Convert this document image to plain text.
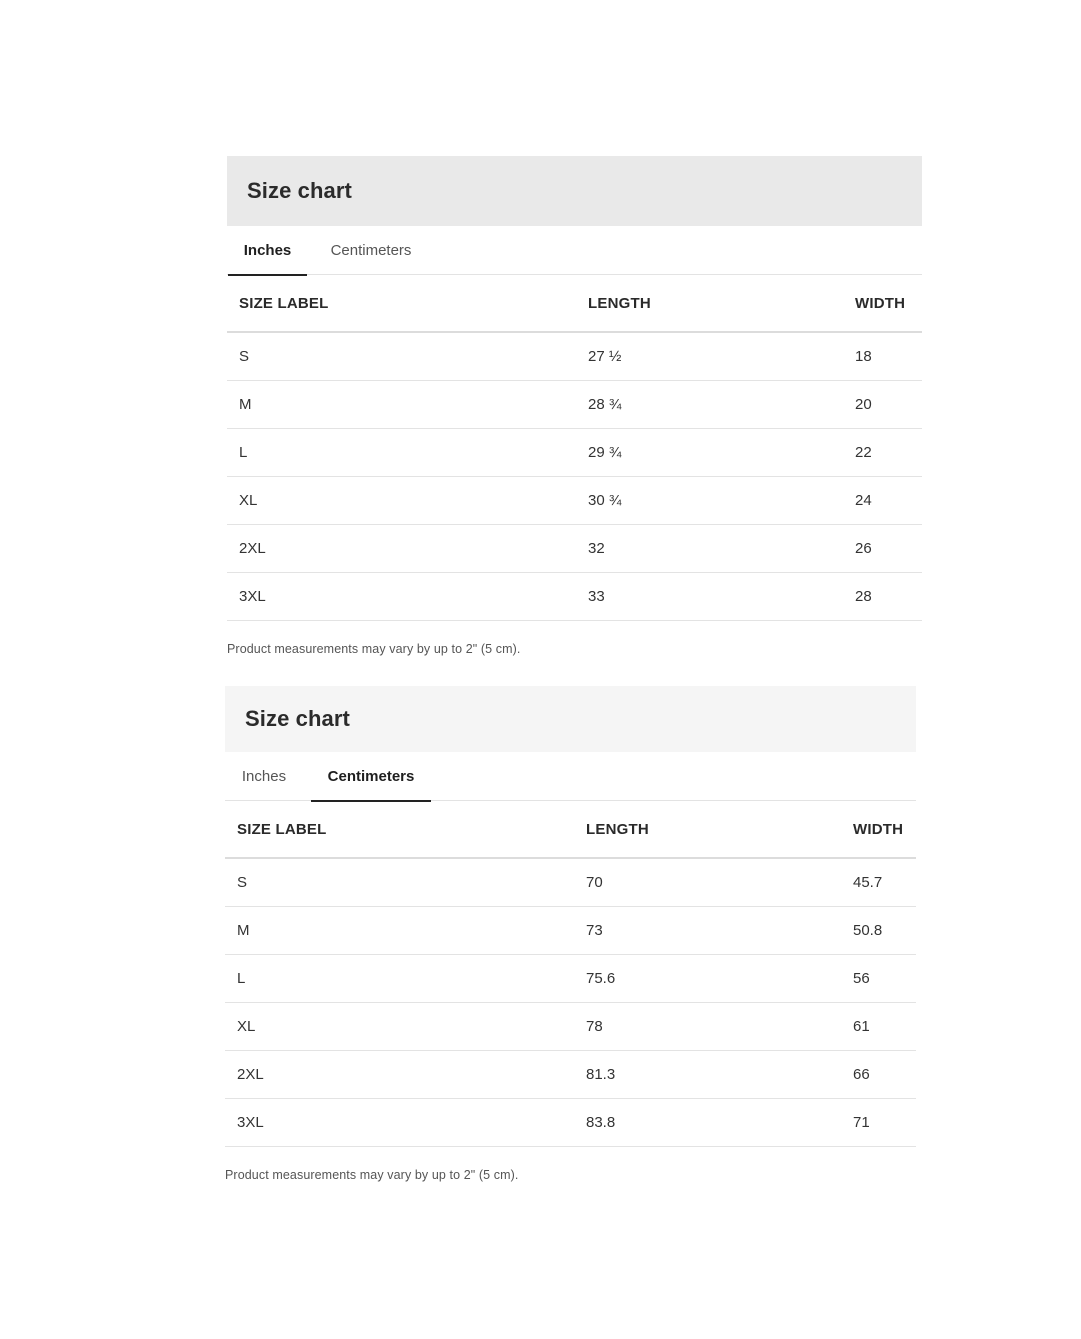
Size chart
Inches	Centimeters
SIZE LABEL	LENGTH	WIDTH
S	27 ½	18
M	28 ¾	20
L	29 ¾	22
XL	30 ¾	24
2XL	32	26
3XL	33	28

Product measurements may vary by up to 2" (5 cm).

Size chart
Inches	Centimeters
SIZE LABEL	LENGTH	WIDTH
S	70	45.7
M	73	50.8
L	75.6	56
XL	78	61
2XL	81.3	66
3XL	83.8	71

Product measurements may vary by up to 2" (5 cm).
